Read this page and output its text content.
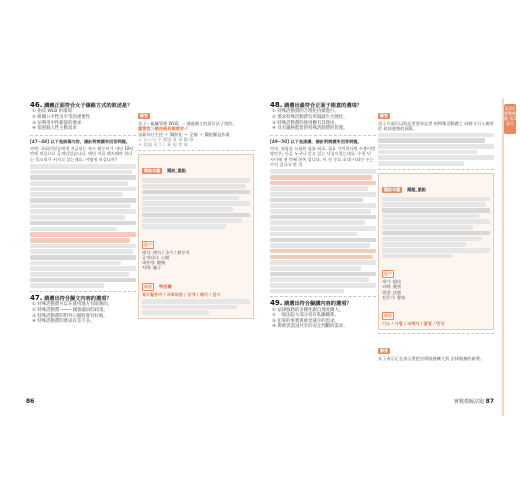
第2回 實戰模擬 第3部分
46. 講義正面符合女子線路方式的敘述是？
① 指向 WLB 的環境
② 組織公平性及平等的重要性
③ 佔利用中性薪資的要求
④ 依照個人性主動追求
[47~48] 以下是該篇內容，請針對閱讀來回答問題。
파면: 국회의원들에게 지급되는 특수 활동비가 내년 18년 만에 처음으로 공개되었습니다. 매년 이를 폐지해야 한다는 목소리가 커지고 있는데요. 어떻게 보십니까?
47. 請選出符合擬文內容的選項？
① 特殊活動費可以在使用地方有限制的。
② 特殊活動費 ──── 國會議員的政策。
③ 特殊活動費的對外公開將會有好處。
④ 特殊活動費的發表有差不多。
解答
女子－組織管理 WLB，－通過調立的某位法子第的。
重要性＞路法既有源要求＜
良薪為日生控 ＋ 醫院化 ＋ 全額 ＋ 醫院權益作業
＊ 以公司 平 環境 事 項 醫 療
＊ 提議 更立了 新 規 者 補
開設本題 擬設_重點
擬字
폐지: 폐지 / 국가 / 활동비
공개되다: 公開
대통령: 總統
치매: 瘋子
關鍵 特活費
특수활동비 / 국회의원 / 공개 / 폐지 / 감시
86
48. 請選出最符合正面子眼意的選項？
① 特殊活動費的合理化持續進行。
② 要求特殊活動費有所減減少合理化。
③ 特殊活動費的使用應有其理由。
④ 具有嚴格監督的特殊活動費的管理。
[49~50] 以下是演講，請針對閱讀來回答問題。
여자: 영화를 녹화한 필름 최초, 필요 기억한다면 수출이면 방안은, 등을 누구나 알고 있는 사실이었는데요. 수천 년 사이에 첫 번째 한옥 입니다. 이 전 중요 초대 사회인 수는 수익 있다고 한 것
49. 請選出符合擬講內容的選項？
① 法律服務的多種化跟自理度擴大。
② 一般法院大部分持有私聯關系。
③ 犯罪的事實與被害減少的需求。
④ 與被害證詞共享的安定判斷的需求。
解答
男子方面可以的記者要求記者 的特殊活動費之 同時又引入使用於 政府運營的預算。
擬設本題 擬題_重點
擬字
제기: 提出
피해: 被害
법정: 法庭
전문가: 專家
關鍵
기소 / 사법 / 피해자 / 불법 / 반성
解答
女子表示正在表示要把法律服務擴大到 法律服務的新增。
實戰模擬試題 87
